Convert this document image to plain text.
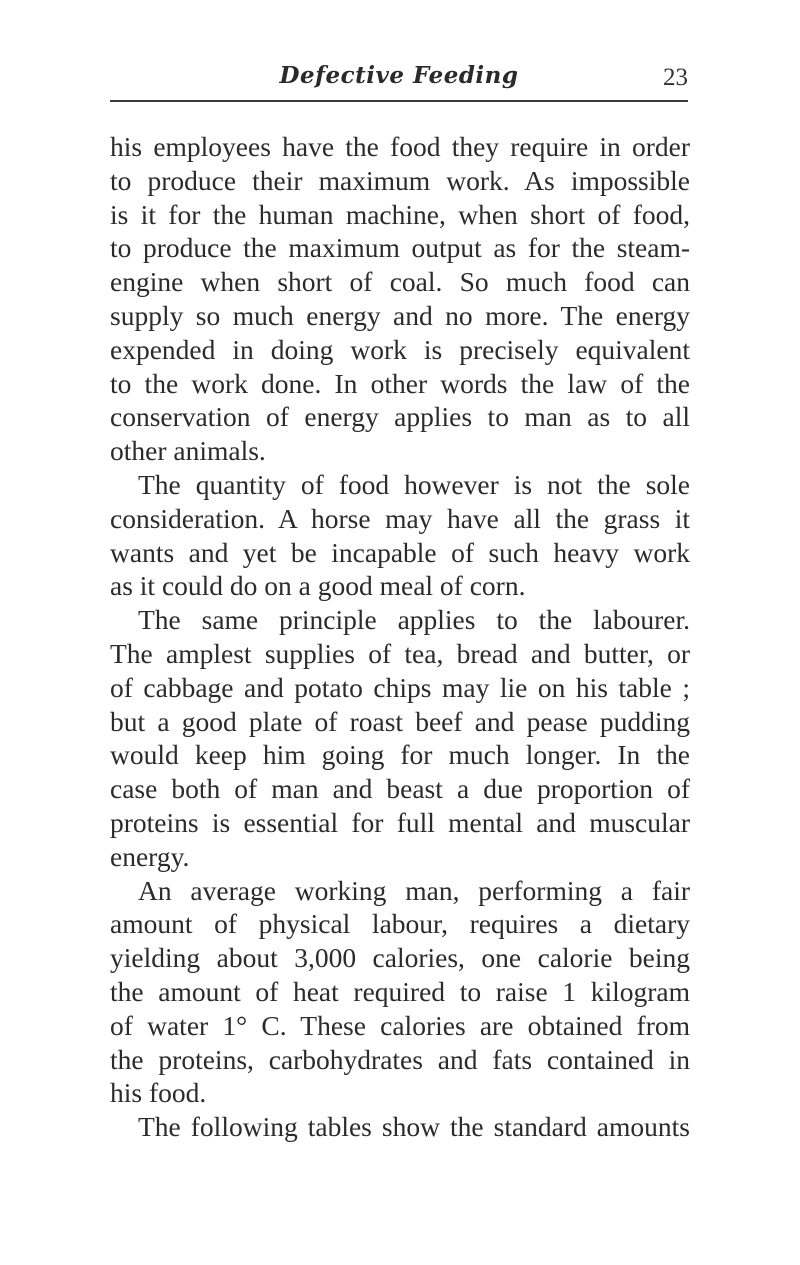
Defective Feeding	23
his employees have the food they require in order
to produce their maximum work. As impossible
is it for the human machine, when short of food,
to produce the maximum output as for the steam-
engine when short of coal. So much food can
supply so much energy and no more. The energy
expended in doing work is precisely equivalent
to the work done. In other words the law of the
conservation of energy applies to man as to all
other animals.
The quantity of food however is not the sole
consideration. A horse may have all the grass it
wants and yet be incapable of such heavy work
as it could do on a good meal of corn.
The same principle applies to the labourer.
The amplest supplies of tea, bread and butter, or
of cabbage and potato chips may lie on his table ;
but a good plate of roast beef and pease pudding
would keep him going for much longer. In the
case both of man and beast a due proportion of
proteins is essential for full mental and muscular
energy.
An average working man, performing a fair
amount of physical labour, requires a dietary
yielding about 3,000 calories, one calorie being
the amount of heat required to raise 1 kilogram
of water 1° C. These calories are obtained from
the proteins, carbohydrates and fats contained in
his food.
The following tables show the standard amounts
